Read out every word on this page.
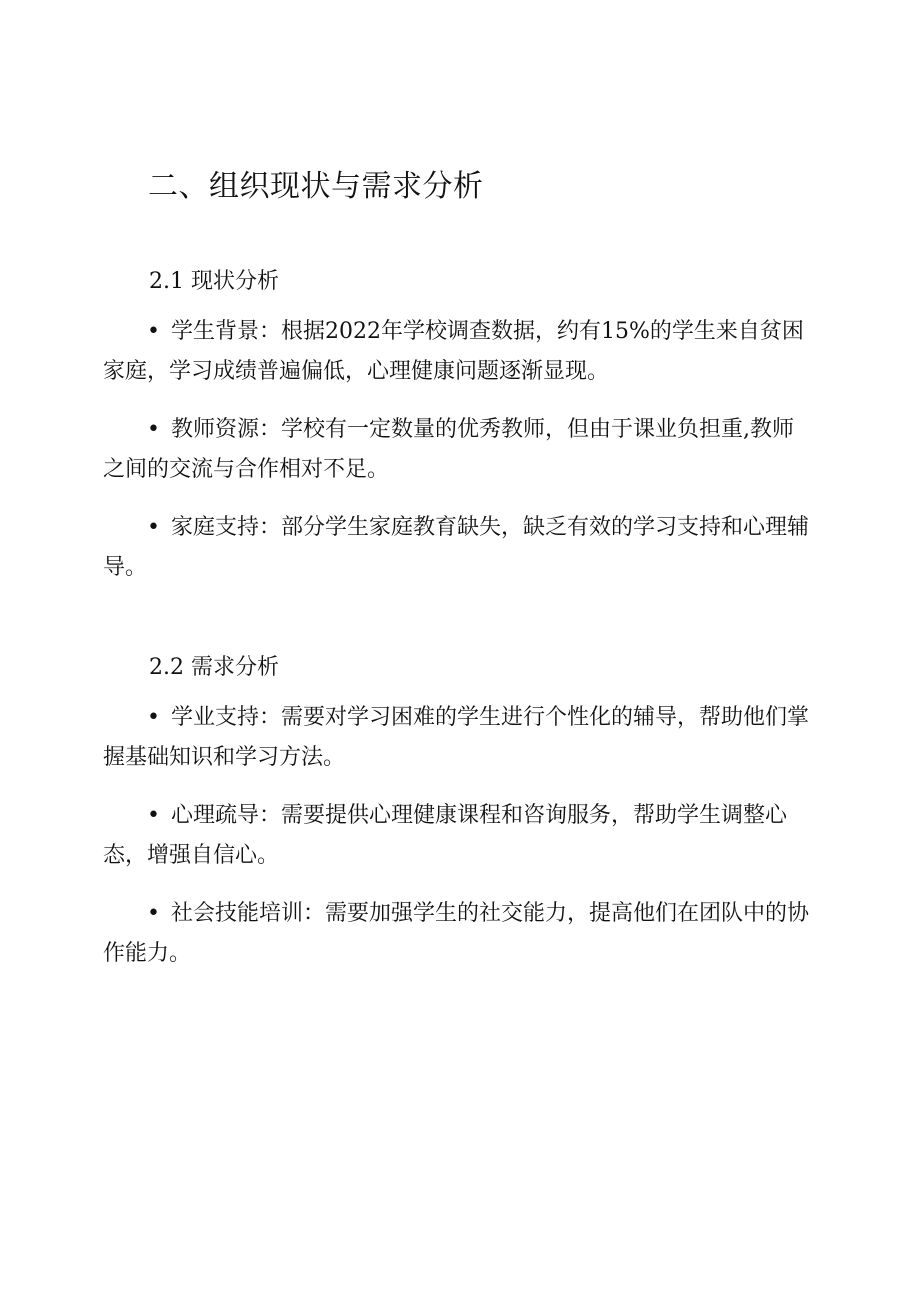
二、组织现状与需求分析
2.1 现状分析
• 学生背景：根据2022年学校调查数据，约有15%的学生来自贫困家庭，学习成绩普遍偏低，心理健康问题逐渐显现。
• 教师资源：学校有一定数量的优秀教师，但由于课业负担重,教师之间的交流与合作相对不足。
• 家庭支持：部分学生家庭教育缺失，缺乏有效的学习支持和心理辅导。
2.2 需求分析
• 学业支持：需要对学习困难的学生进行个性化的辅导，帮助他们掌握基础知识和学习方法。
• 心理疏导：需要提供心理健康课程和咨询服务，帮助学生调整心态，增强自信心。
• 社会技能培训：需要加强学生的社交能力，提高他们在团队中的协作能力。
